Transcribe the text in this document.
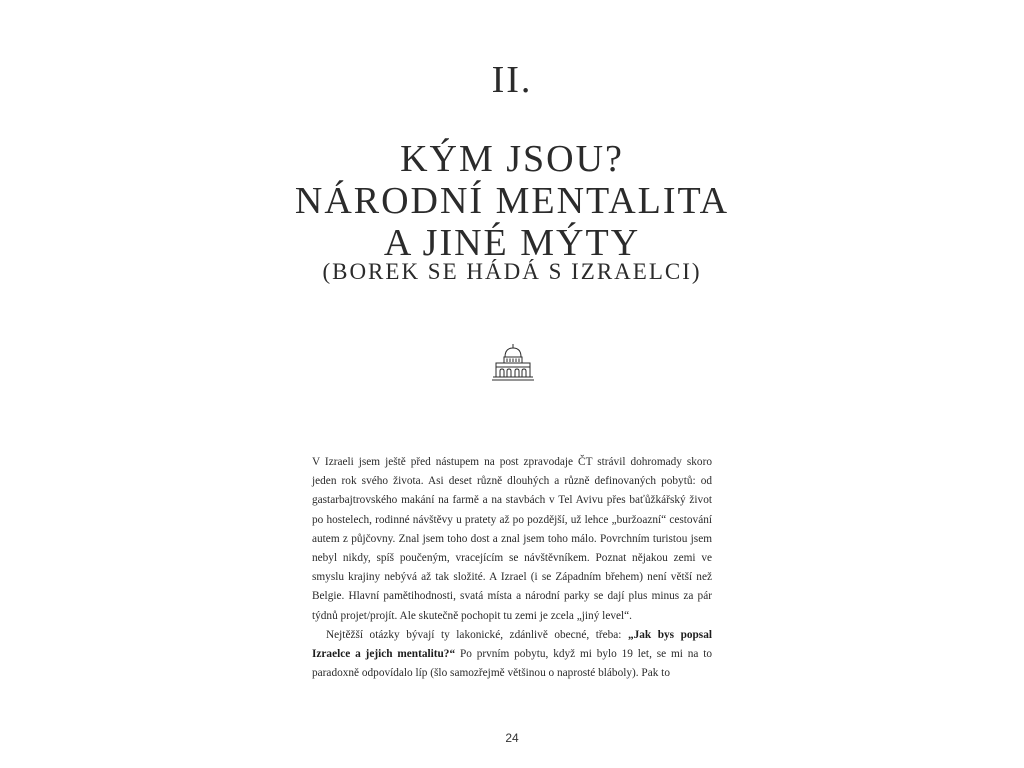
II.
KÝM JSOU?
NÁRODNÍ MENTALITA
A JINÉ MÝTY
(BOREK SE HÁDÁ S IZRAELCI)

V Izraeli jsem ještě před nástupem na post zpravodaje ČT strávil dohromady skoro jeden rok svého života. Asi deset různě dlouhých a různě definovaných pobytů: od gastarbajtrovského makání na farmě a na stavbách v Tel Avivu přes baťůžkářský život po hostelech, rodinné návštěvy u pratety až po pozdější, už lehce „buržoazní“ cestování autem z půjčovny. Znal jsem toho dost a znal jsem toho málo. Povrchním turistou jsem nebyl nikdy, spíš poučeným, vracejícím se návštěvníkem. Poznat nějakou zemi ve smyslu krajiny nebývá až tak složité. A Izrael (i se Západním břehem) není větší než Belgie. Hlavní pamětihodnosti, svatá místa a národní parky se dají plus minus za pár týdnů projet/projít. Ale skutečně pochopit tu zemi je zcela „jiný level“.

Nejtěžší otázky bývají ty lakonické, zdánlivě obecné, třeba: „Jak bys popsal Izraelce a jejich mentalitu?“ Po prvním pobytu, když mi bylo 19 let, se mi na to paradoxně odpovídalo líp (šlo samozřejmě většinou o naprosté bláboly). Pak to

24
